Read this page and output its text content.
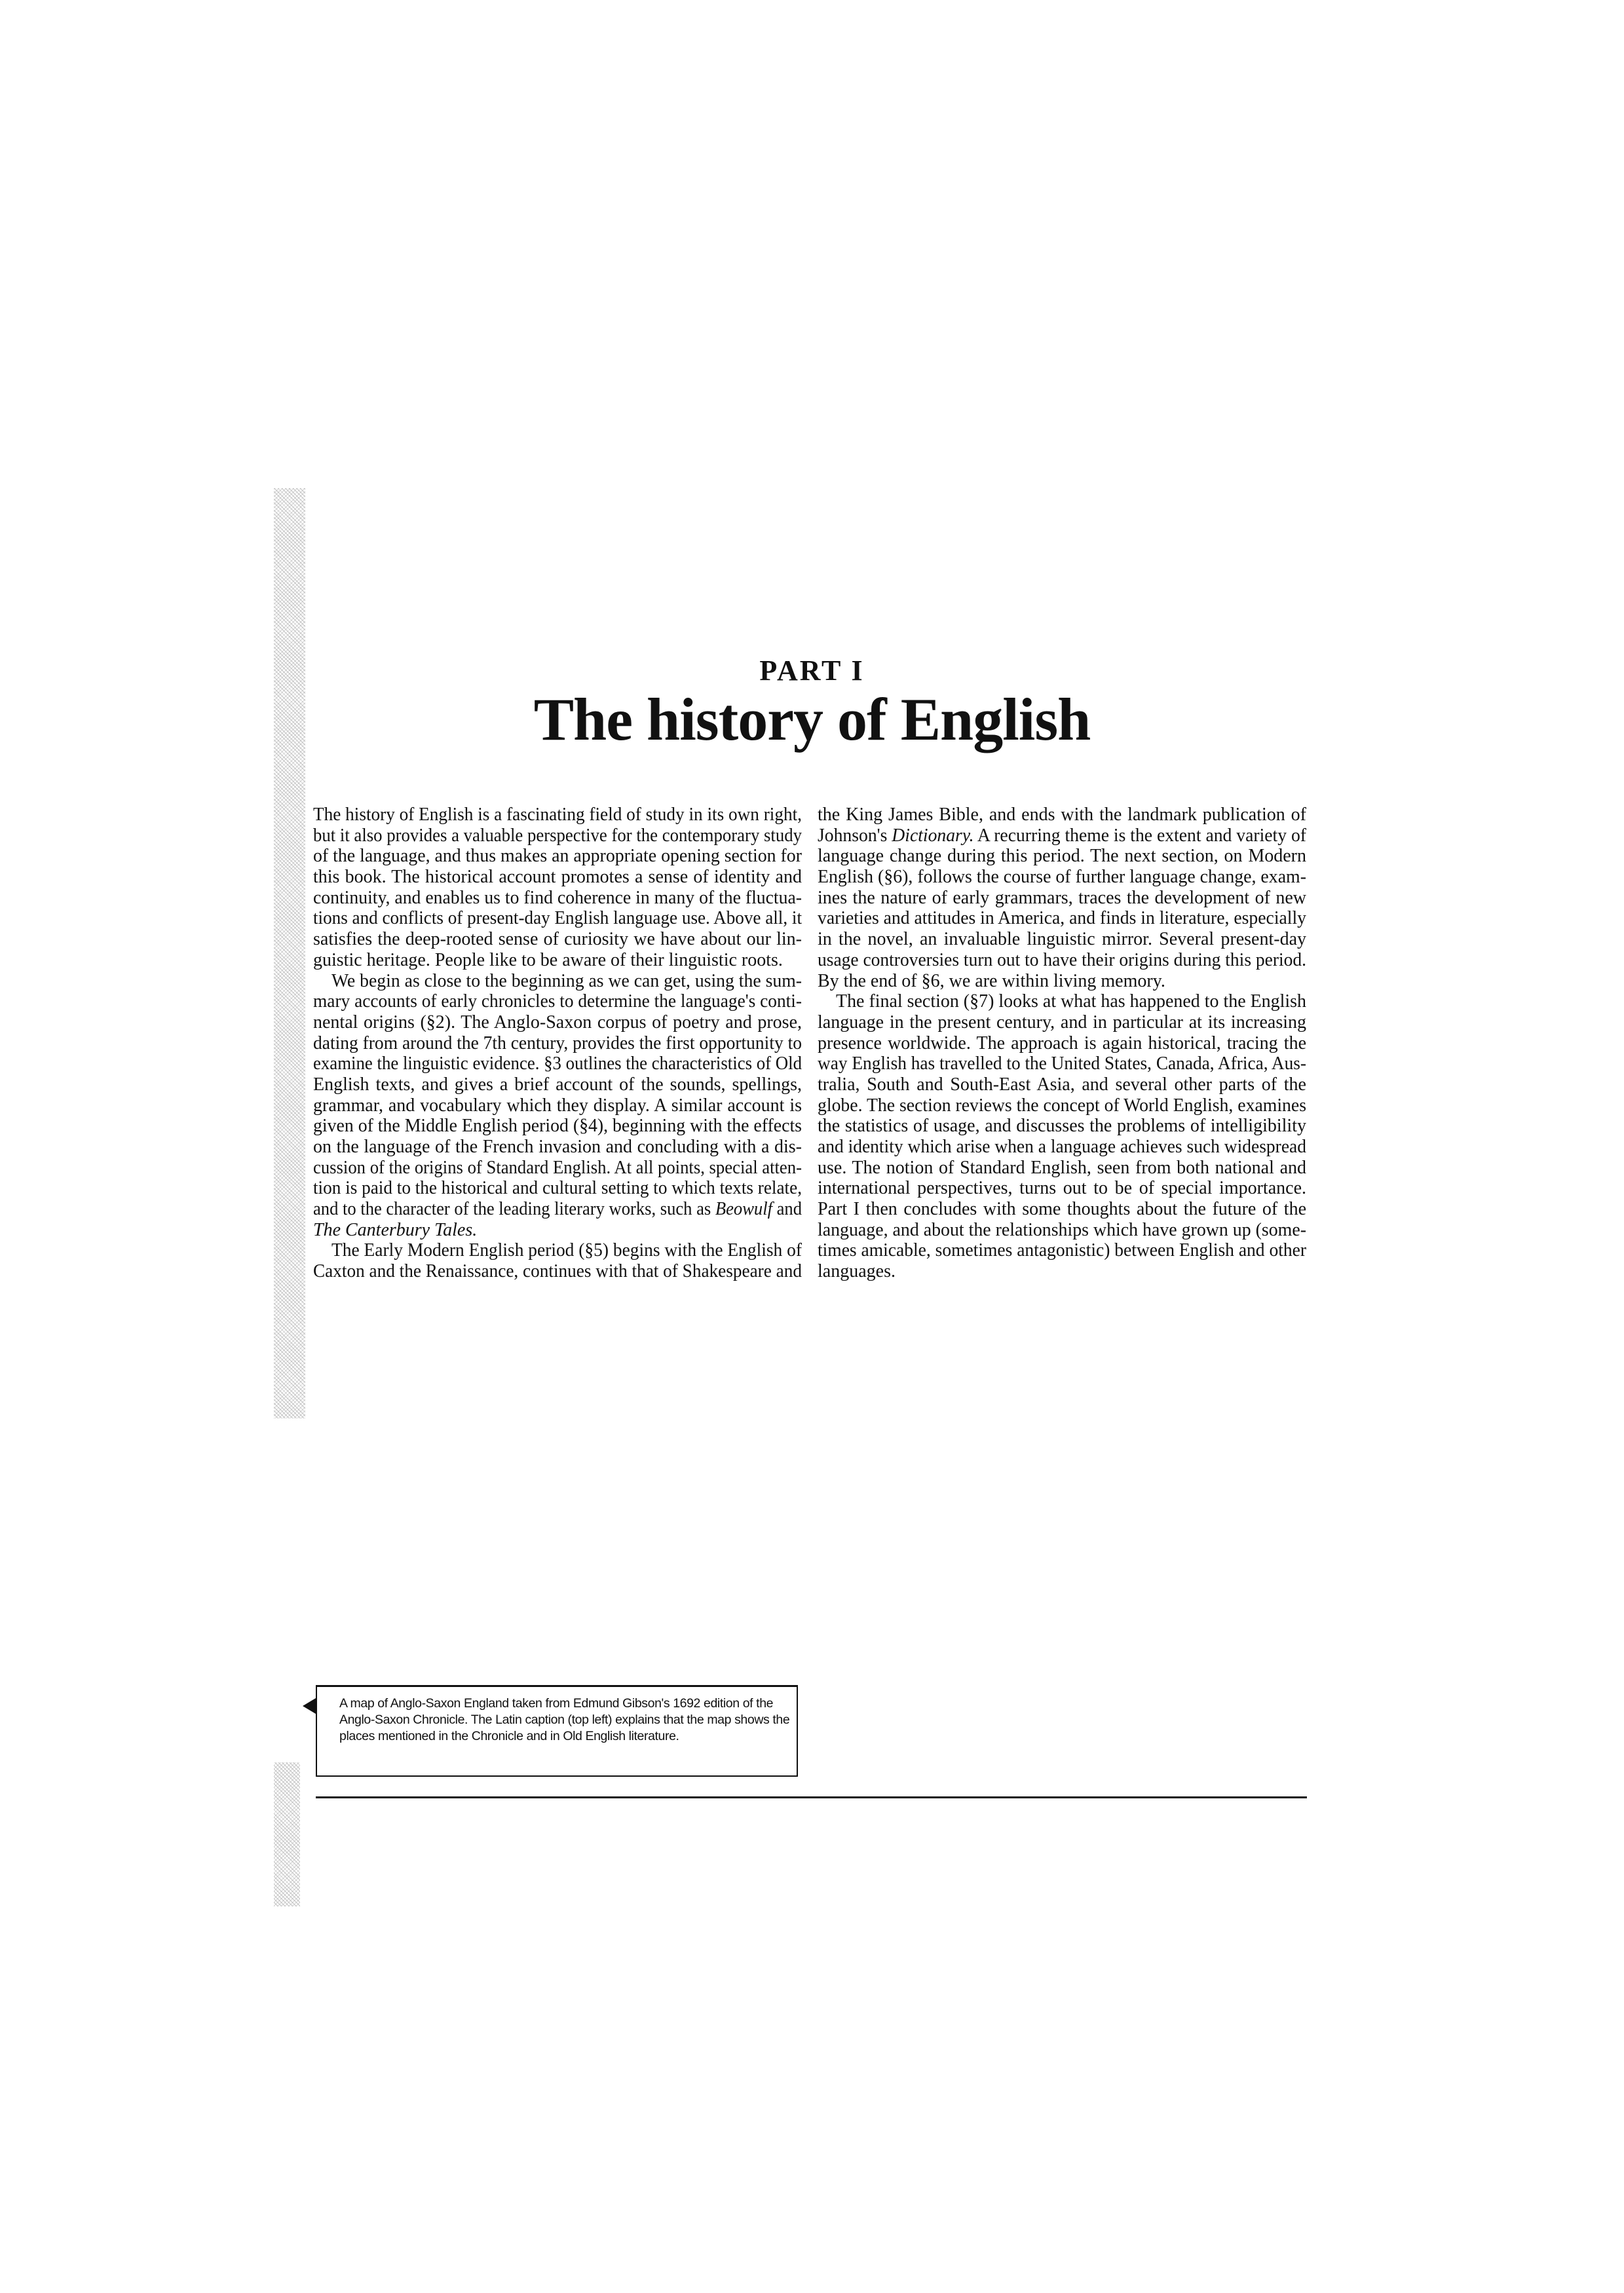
PART I
The history of English
The history of English is a fascinating field of study in its own right,
but it also provides a valuable perspective for the contemporary study
of the language, and thus makes an appropriate opening section for
this book. The historical account promotes a sense of identity and
continuity, and enables us to find coherence in many of the fluctua-
tions and conflicts of present-day English language use. Above all, it
satisfies the deep-rooted sense of curiosity we have about our lin-
guistic heritage. People like to be aware of their linguistic roots.
We begin as close to the beginning as we can get, using the sum-
mary accounts of early chronicles to determine the language's conti-
nental origins (§2). The Anglo-Saxon corpus of poetry and prose,
dating from around the 7th century, provides the first opportunity to
examine the linguistic evidence. §3 outlines the characteristics of Old
English texts, and gives a brief account of the sounds, spellings,
grammar, and vocabulary which they display. A similar account is
given of the Middle English period (§4), beginning with the effects
on the language of the French invasion and concluding with a dis-
cussion of the origins of Standard English. At all points, special atten-
tion is paid to the historical and cultural setting to which texts relate,
and to the character of the leading literary works, such as Beowulf and
The Canterbury Tales.
The Early Modern English period (§5) begins with the English of
Caxton and the Renaissance, continues with that of Shakespeare and
the King James Bible, and ends with the landmark publication of
Johnson's Dictionary. A recurring theme is the extent and variety of
language change during this period. The next section, on Modern
English (§6), follows the course of further language change, exam-
ines the nature of early grammars, traces the development of new
varieties and attitudes in America, and finds in literature, especially
in the novel, an invaluable linguistic mirror. Several present-day
usage controversies turn out to have their origins during this period.
By the end of §6, we are within living memory.
The final section (§7) looks at what has happened to the English
language in the present century, and in particular at its increasing
presence worldwide. The approach is again historical, tracing the
way English has travelled to the United States, Canada, Africa, Aus-
tralia, South and South-East Asia, and several other parts of the
globe. The section reviews the concept of World English, examines
the statistics of usage, and discusses the problems of intelligibility
and identity which arise when a language achieves such widespread
use. The notion of Standard English, seen from both national and
international perspectives, turns out to be of special importance.
Part I then concludes with some thoughts about the future of the
language, and about the relationships which have grown up (some-
times amicable, sometimes antagonistic) between English and other
languages.
A map of Anglo-Saxon England taken from Edmund Gibson's 1692 edition of the Anglo-Saxon Chronicle. The Latin caption (top left) explains that the map shows the places mentioned in the Chronicle and in Old English literature.
